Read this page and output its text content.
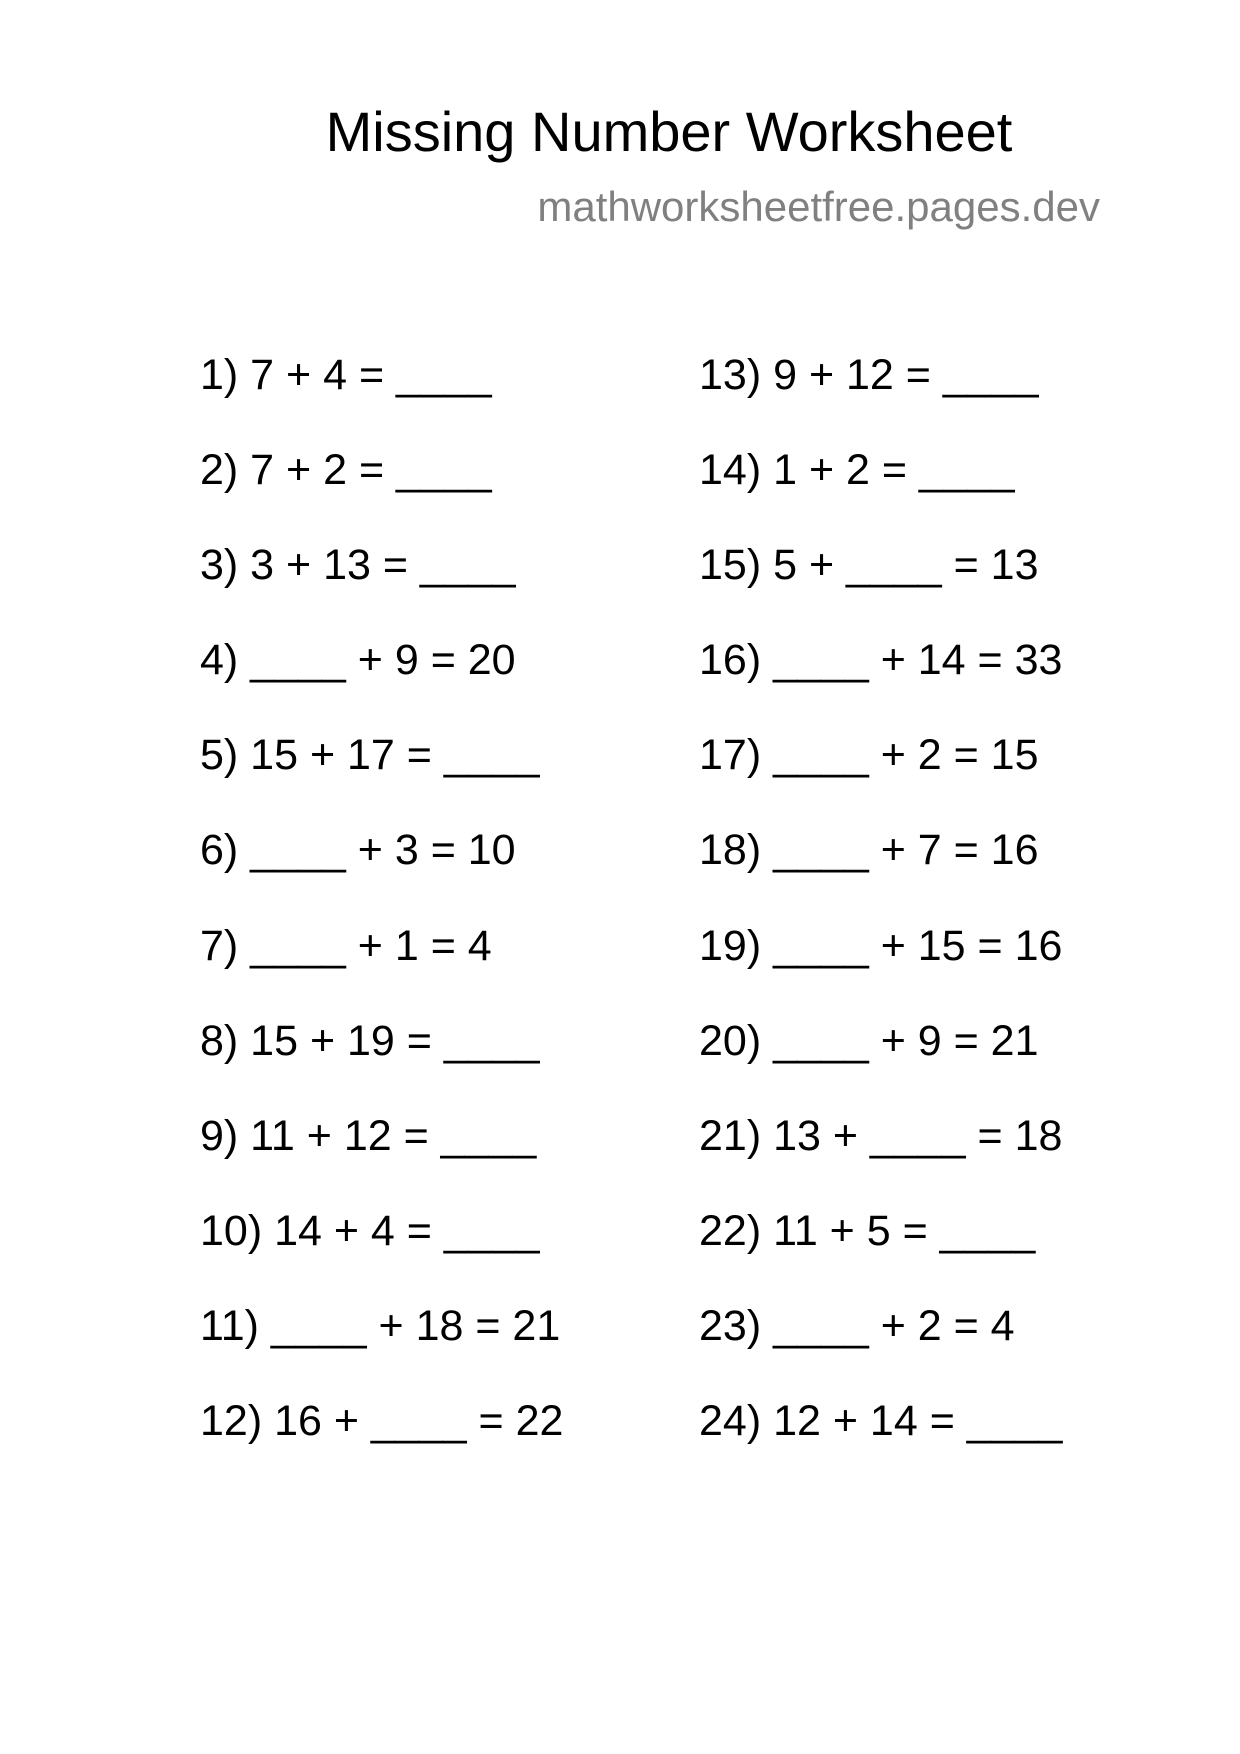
Missing Number Worksheet
mathworksheetfree.pages.dev
1) 7 + 4 = ____
2) 7 + 2 = ____
3) 3 + 13 = ____
4) ____ + 9 = 20
5) 15 + 17 = ____
6) ____ + 3 = 10
7) ____ + 1 = 4
8) 15 + 19 = ____
9) 11 + 12 = ____
10) 14 + 4 = ____
11) ____ + 18 = 21
12) 16 + ____ = 22
13) 9 + 12 = ____
14) 1 + 2 = ____
15) 5 + ____ = 13
16) ____ + 14 = 33
17) ____ + 2 = 15
18) ____ + 7 = 16
19) ____ + 15 = 16
20) ____ + 9 = 21
21) 13 + ____ = 18
22) 11 + 5 = ____
23) ____ + 2 = 4
24) 12 + 14 = ____
